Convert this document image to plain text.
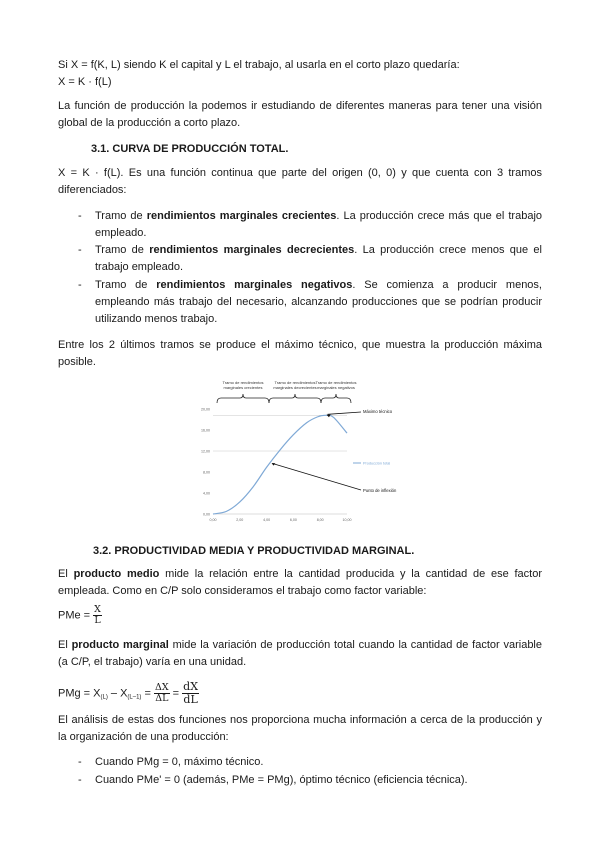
Si X = f(K, L) siendo K el capital y L el trabajo, al usarla en el corto plazo quedaría:
X = K · f(L)
La función de producción la podemos ir estudiando de diferentes maneras para tener una visión global de la producción a corto plazo.
3.1. CURVA DE PRODUCCIÓN TOTAL.
X = K · f(L). Es una función continua que parte del origen (0, 0) y que cuenta con 3 tramos diferenciados:
- Tramo de rendimientos marginales crecientes. La producción crece más que el trabajo empleado.
- Tramo de rendimientos marginales decrecientes. La producción crece menos que el trabajo empleado.
- Tramo de rendimientos marginales negativos. Se comienza a producir menos, empleando más trabajo del necesario, alcanzando producciones que se podrían producir utilizando menos trabajo.
Entre los 2 últimos tramos se produce el máximo técnico, que muestra la producción máxima posible.
Tramo de rendimientos
marginales crecientes
Tramo de rendimientos
marginales decrecientes
Tramo de rendimientos
marginales negativos
0,00
4,00
8,00
12,00
16,00
20,00
0,00	2,00	4,00	6,00	8,00	10,00
Máximo técnico
Punto de inflexión
Producción total
3.2. PRODUCTIVIDAD MEDIA Y PRODUCTIVIDAD MARGINAL.
El producto medio mide la relación entre la cantidad producida y la cantidad de ese factor empleada. Como en C/P solo consideramos el trabajo como factor variable:
PMe = $\frac{X}{L}$
El producto marginal mide la variación de producción total cuando la cantidad de factor variable (a C/P, el trabajo) varía en una unidad.
PMg = $X_{(L)} - X_{(L-1)} = \frac{\Delta X}{\Delta L} = \frac{dX}{dL}$
El análisis de estas dos funciones nos proporciona mucha información a cerca de la producción y la organización de una producción:
- Cuando PMg = 0, máximo técnico.
- Cuando PMe' = 0 (además, PMe = PMg), óptimo técnico (eficiencia técnica).
